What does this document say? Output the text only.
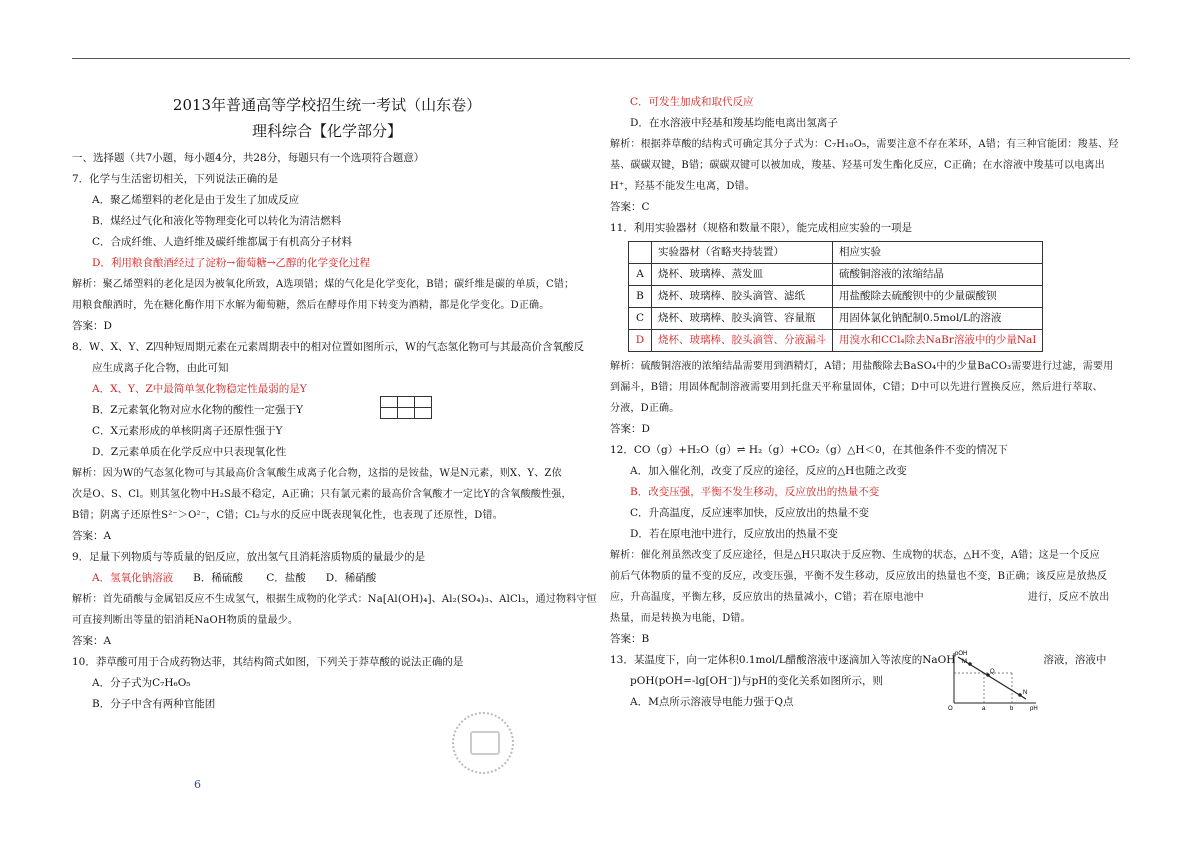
2013年普通高等学校招生统一考试（山东卷）
理科综合【化学部分】
一、选择题（共7小题，每小题4分，共28分，每题只有一个选项符合题意）
7．化学与生活密切相关，下列说法正确的是
A．聚乙烯塑料的老化是由于发生了加成反应
B．煤经过气化和液化等物理变化可以转化为清洁燃料
C．合成纤维、人造纤维及碳纤维都属于有机高分子材料
D．利用粮食酿酒经过了淀粉→葡萄糖→乙醇的化学变化过程
解析：聚乙烯塑料的老化是因为被氧化所致，A选项错；煤的气化是化学变化，B错；碳纤维是碳的单质，C错；
用粮食酿酒时，先在糖化酶作用下水解为葡萄糖，然后在酵母作用下转变为酒精，都是化学变化。D正确。
答案：D
8．W、X、Y、Z四种短周期元素在元素周期表中的相对位置如图所示，W的气态氢化物可与其最高价含氧酸反
应生成离子化合物，由此可知
A．X、Y、Z中最简单氢化物稳定性最弱的是Y
B．Z元素氧化物对应水化物的酸性一定强于Y
C．X元素形成的单核阴离子还原性强于Y
D．Z元素单质在化学反应中只表现氧化性
解析：因为W的气态氢化物可与其最高价含氧酸生成离子化合物，这指的是铵盐，W是N元素，则X、Y、Z依
次是O、S、Cl。则其氢化物中H₂S最不稳定，A正确；只有氯元素的最高价含氧酸才一定比Y的含氧酸酸性强，
B错；阴离子还原性S²⁻＞O²⁻，C错；Cl₂与水的反应中既表现氧化性，也表现了还原性，D错。
答案：A
9．足量下列物质与等质量的铝反应，放出氢气且消耗溶质物质的量最少的是
A．氢氧化钠溶液 B．稀硫酸 C．盐酸 D．稀硝酸
解析：首先硝酸与金属铝反应不生成氢气，根据生成物的化学式：Na[Al(OH)₄]、Al₂(SO₄)₃、AlCl₃，通过物料守恒
可直接判断出等量的铝消耗NaOH物质的量最少。
答案：A
10．莽草酸可用于合成药物达菲，其结构简式如图，下列关于莽草酸的说法正确的是
A．分子式为C₇H₆O₅
B．分子中含有两种官能团

6
C．可发生加成和取代反应
D．在水溶液中羟基和羧基均能电离出氢离子
解析：根据莽草酸的结构式可确定其分子式为：C₇H₁₀O₅，需要注意不存在苯环，A错；有三种官能团：羧基、羟
基、碳碳双键，B错；碳碳双键可以被加成，羧基、羟基可发生酯化反应，C正确；在水溶液中羧基可以电离出
H⁺，羟基不能发生电离，D错。
答案：C
11．利用实验器材（规格和数量不限），能完成相应实验的一项是
	实验器材（省略夹持装置）	相应实验
A	烧杯、玻璃棒、蒸发皿	硫酸铜溶液的浓缩结晶
B	烧杯、玻璃棒、胶头滴管、滤纸	用盐酸除去硫酸钡中的少量碳酸钡
C	烧杯、玻璃棒、胶头滴管、容量瓶	用固体氯化钠配制0.5mol/L的溶液
D	烧杯、玻璃棒、胶头滴管、分液漏斗	用溴水和CCl₄除去NaBr溶液中的少量NaI
解析：硫酸铜溶液的浓缩结晶需要用到酒精灯，A错；用盐酸除去BaSO₄中的少量BaCO₃需要进行过滤，需要用
到漏斗，B错；用固体配制溶液需要用到托盘天平称量固体，C错；D中可以先进行置换反应，然后进行萃取、
分液，D正确。
答案：D
12．CO（g）+H₂O（g）⇌ H₂（g）+CO₂（g）△H＜0，在其他条件不变的情况下
A．加入催化剂，改变了反应的途径，反应的△H也随之改变
B．改变压强，平衡不发生移动，反应放出的热量不变
C．升高温度，反应速率加快，反应放出的热量不变
D．若在原电池中进行，反应放出的热量不变
解析：催化剂虽然改变了反应途径，但是△H只取决于反应物、生成物的状态，△H不变，A错；这是一个反应
前后气体物质的量不变的反应，改变压强，平衡不发生移动，反应放出的热量也不变，B正确；该反应是放热反
应，升高温度，平衡左移，反应放出的热量减小，C错；若在原电池中	进行，反应不放出
热量，而是转换为电能，D错。
答案：B
13．某温度下，向一定体积0.1mol/L醋酸溶液中逐滴加入等浓度的NaOH	溶液，溶液中
pOH(pOH=-lg[OH⁻])与pH的变化关系如图所示，则
A．M点所示溶液导电能力强于Q点
pOH
pH
M
Q
N
a	b
O
